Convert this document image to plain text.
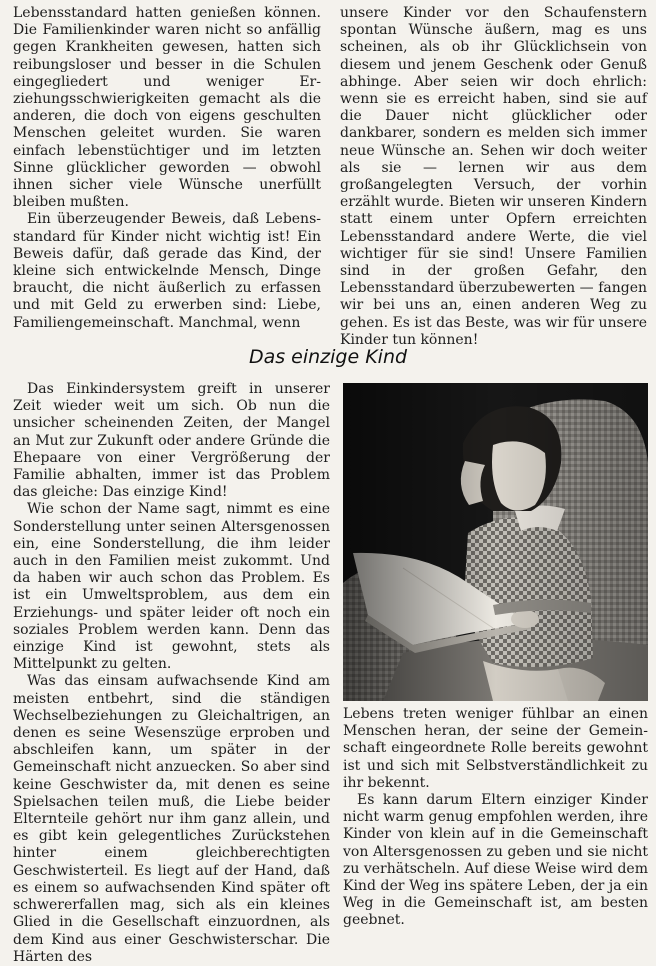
Lebensstandard hatten genießen können. Die Familienkinder waren nicht so anfällig gegen Krankheiten gewesen, hatten sich reibungsloser und besser in die Schulen eingegliedert und weniger Erziehungsschwierigkeiten gemacht als die anderen, die doch von eigens geschulten Menschen geleitet wurden. Sie waren einfach lebenstüchtiger und im letzten Sinne glücklicher geworden — obwohl ihnen sicher viele Wünsche unerfüllt bleiben mußten.

Ein überzeugender Beweis, daß Lebensstandard für Kinder nicht wichtig ist! Ein Beweis dafür, daß gerade das Kind, der kleine sich entwickelnde Mensch, Dinge braucht, die nicht äußerlich zu erfassen und mit Geld zu erwerben sind: Liebe, Familiengemeinschaft. Manchmal, wenn

unsere Kinder vor den Schaufenstern spontan Wünsche äußern, mag es uns scheinen, als ob ihr Glücklichsein von diesem und jenem Geschenk oder Genuß abhinge. Aber seien wir doch ehrlich: wenn sie es erreicht haben, sind sie auf die Dauer nicht glücklicher oder dankbarer, sondern es melden sich immer neue Wünsche an. Sehen wir doch weiter als sie — lernen wir aus dem großangelegten Versuch, der vorhin erzählt wurde. Bieten wir unseren Kindern statt einem unter Opfern erreichten Lebensstandard andere Werte, die viel wichtiger für sie sind! Unsere Familien sind in der großen Gefahr, den Lebensstandard überzubewerten — fangen wir bei uns an, einen anderen Weg zu gehen. Es ist das Beste, was wir für unsere Kinder tun können!

Das einzige Kind

Das Einkindersystem greift in unserer Zeit wieder weit um sich. Ob nun die unsicher scheinenden Zeiten, der Mangel an Mut zur Zukunft oder andere Gründe die Ehepaare von einer Vergrößerung der Familie abhalten, immer ist das Problem das gleiche: Das einzige Kind!

Wie schon der Name sagt, nimmt es eine Sonderstellung unter seinen Altersgenossen ein, eine Sonderstellung, die ihm leider auch in den Familien meist zukommt. Und da haben wir auch schon das Problem. Es ist ein Umweltsproblem, aus dem ein Erziehungs- und später leider oft noch ein soziales Problem werden kann. Denn das einzige Kind ist gewohnt, stets als Mittelpunkt zu gelten.

Was das einsam aufwachsende Kind am meisten entbehrt, sind die ständigen Wechselbeziehungen zu Gleichaltrigen, an denen es seine Wesenszüge erproben und abschleifen kann, um später in der Gemeinschaft nicht anzuecken. So aber sind keine Geschwister da, mit denen es seine Spielsachen teilen muß, die Liebe beider Elternteile gehört nur ihm ganz allein, und es gibt kein gelegentliches Zurückstehen hinter einem gleichberechtigten Geschwisterteil. Es liegt auf der Hand, daß es einem so aufwachsenden Kind später oft schwererfallen mag, sich als ein kleines Glied in die Gesellschaft einzuordnen, als dem Kind aus einer Geschwisterschar. Die Härten des

Lebens treten weniger fühlbar an einen Menschen heran, der seine der Gemeinschaft eingeordnete Rolle bereits gewohnt ist und sich mit Selbstverständlichkeit zu ihr bekennt.

Es kann darum Eltern einziger Kinder nicht warm genug empfohlen werden, ihre Kinder von klein auf in die Gemeinschaft von Altersgenossen zu geben und sie nicht zu verhätscheln. Auf diese Weise wird dem Kind der Weg ins spätere Leben, der ja ein Weg in die Gemeinschaft ist, am besten geebnet.
